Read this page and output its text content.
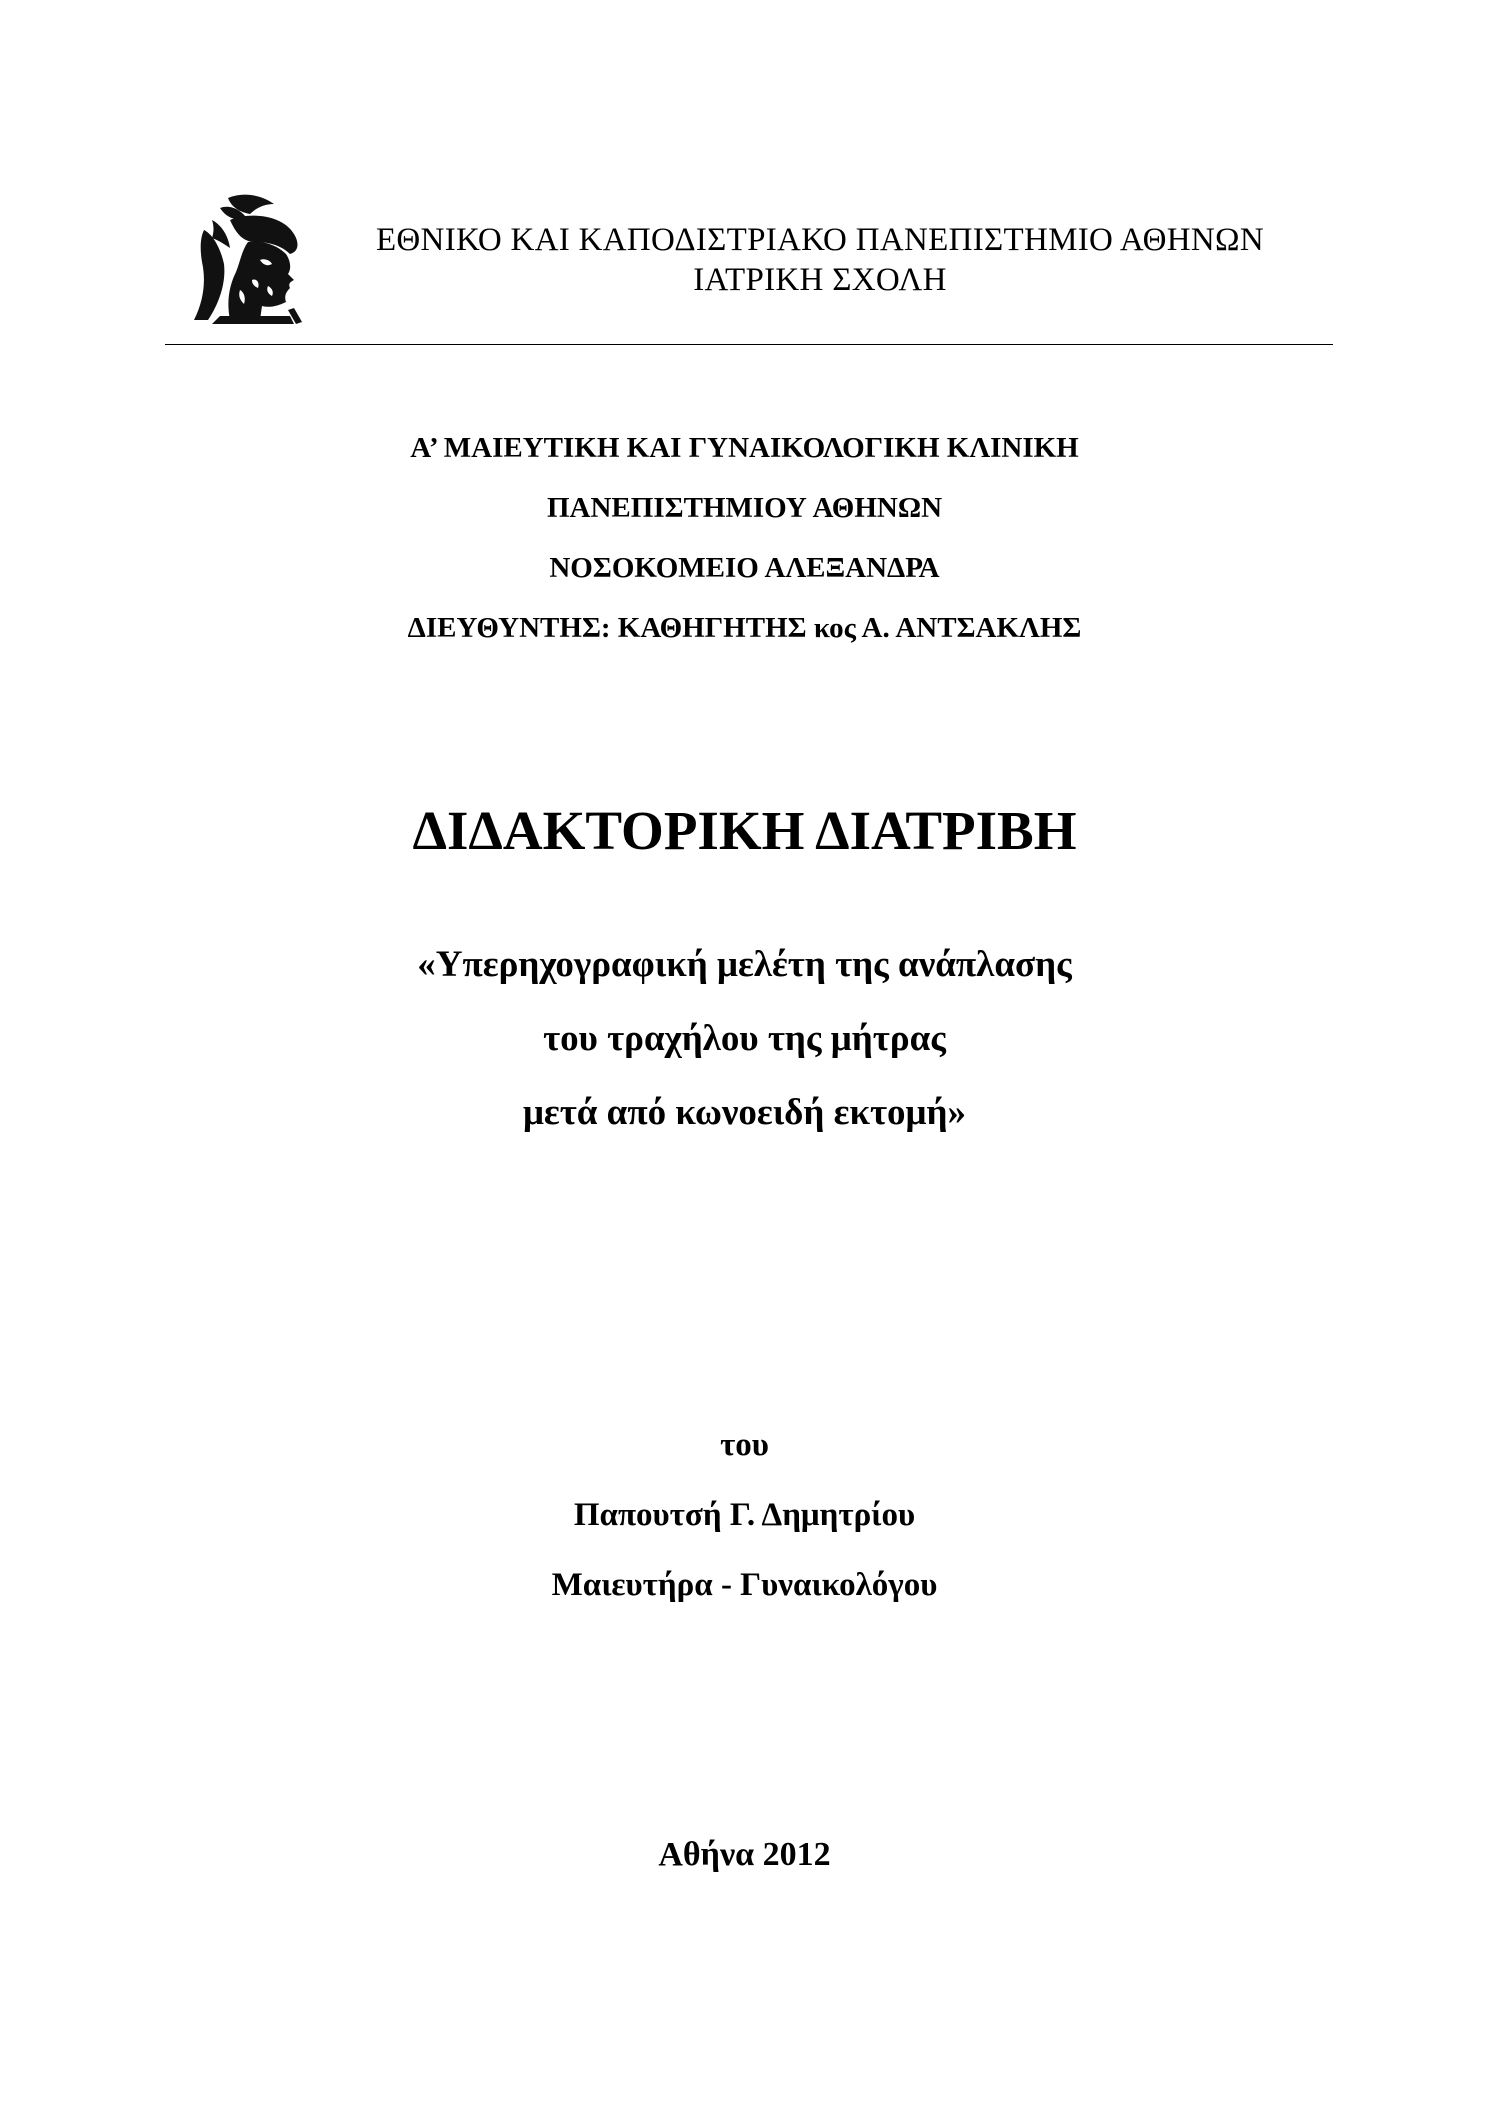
ΕΘΝΙΚΟ ΚΑΙ ΚΑΠΟΔΙΣΤΡΙΑΚΟ ΠΑΝΕΠΙΣΤΗΜΙΟ ΑΘΗΝΩΝ
ΙΑΤΡΙΚΗ ΣΧΟΛΗ
Α’ ΜΑΙΕΥΤΙΚΗ ΚΑΙ ΓΥΝΑΙΚΟΛΟΓΙΚΗ ΚΛΙΝΙΚΗ
ΠΑΝΕΠΙΣΤΗΜΙΟΥ ΑΘΗΝΩΝ
ΝΟΣΟΚΟΜΕΙΟ ΑΛΕΞΑΝΔΡΑ
ΔΙΕΥΘΥΝΤΗΣ: ΚΑΘΗΓΗΤΗΣ κος Α. ΑΝΤΣΑΚΛΗΣ
ΔΙΔΑΚΤΟΡΙΚΗ ΔΙΑΤΡΙΒΗ
«Υπερηχογραφική μελέτη της ανάπλασης
του τραχήλου της μήτρας
μετά από κωνοειδή εκτομή»
του
Παπουτσή Γ. Δημητρίου
Μαιευτήρα - Γυναικολόγου
Αθήνα 2012
